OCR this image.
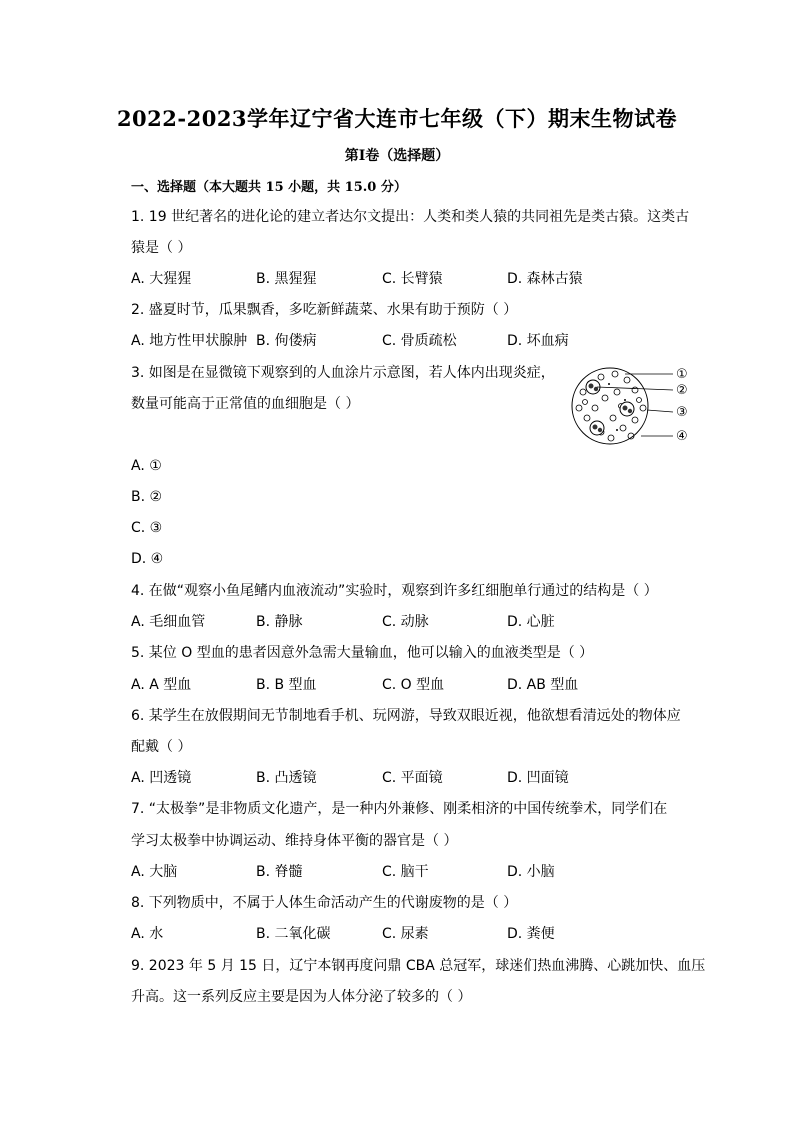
2022-2023学年辽宁省大连市七年级（下）期末生物试卷
第Ⅰ卷（选择题）
一、选择题（本大题共 15 小题，共 15.0 分）
1. 19 世纪著名的进化论的建立者达尔文提出：人类和类人猿的共同祖先是类古猿。这类古
猿是（ ）
A. 大猩猩	B. 黑猩猩	C. 长臂猿	D. 森林古猿
2. 盛夏时节，瓜果飘香，多吃新鲜蔬菜、水果有助于预防（ ）
A. 地方性甲状腺肿 B. 佝偻病	C. 骨质疏松	D. 坏血病
3. 如图是在显微镜下观察到的人血涂片示意图，若人体内出现炎症，
数量可能高于正常值的血细胞是（ ）
①
②
③
④
A. ①
B. ②
C. ③
D. ④
4. 在做“观察小鱼尾鳍内血液流动”实验时，观察到许多红细胞单行通过的结构是（ ）
A. 毛细血管	B. 静脉	C. 动脉	D. 心脏
5. 某位 O 型血的患者因意外急需大量输血，他可以输入的血液类型是（ ）
A. A 型血	B. B 型血	C. O 型血	D. AB 型血
6. 某学生在放假期间无节制地看手机、玩网游，导致双眼近视，他欲想看清远处的物体应
配戴（ ）
A. 凹透镜	B. 凸透镜	C. 平面镜	D. 凹面镜
7. “太极拳”是非物质文化遗产，是一种内外兼修、刚柔相济的中国传统拳术，同学们在
学习太极拳中协调运动、维持身体平衡的器官是（ ）
A. 大脑	B. 脊髓	C. 脑干	D. 小脑
8. 下列物质中，不属于人体生命活动产生的代谢废物的是（ ）
A. 水	B. 二氧化碳	C. 尿素	D. 粪便
9. 2023 年 5 月 15 日，辽宁本钢再度问鼎 CBA 总冠军，球迷们热血沸腾、心跳加快、血压
升高。这一系列反应主要是因为人体分泌了较多的（ ）
